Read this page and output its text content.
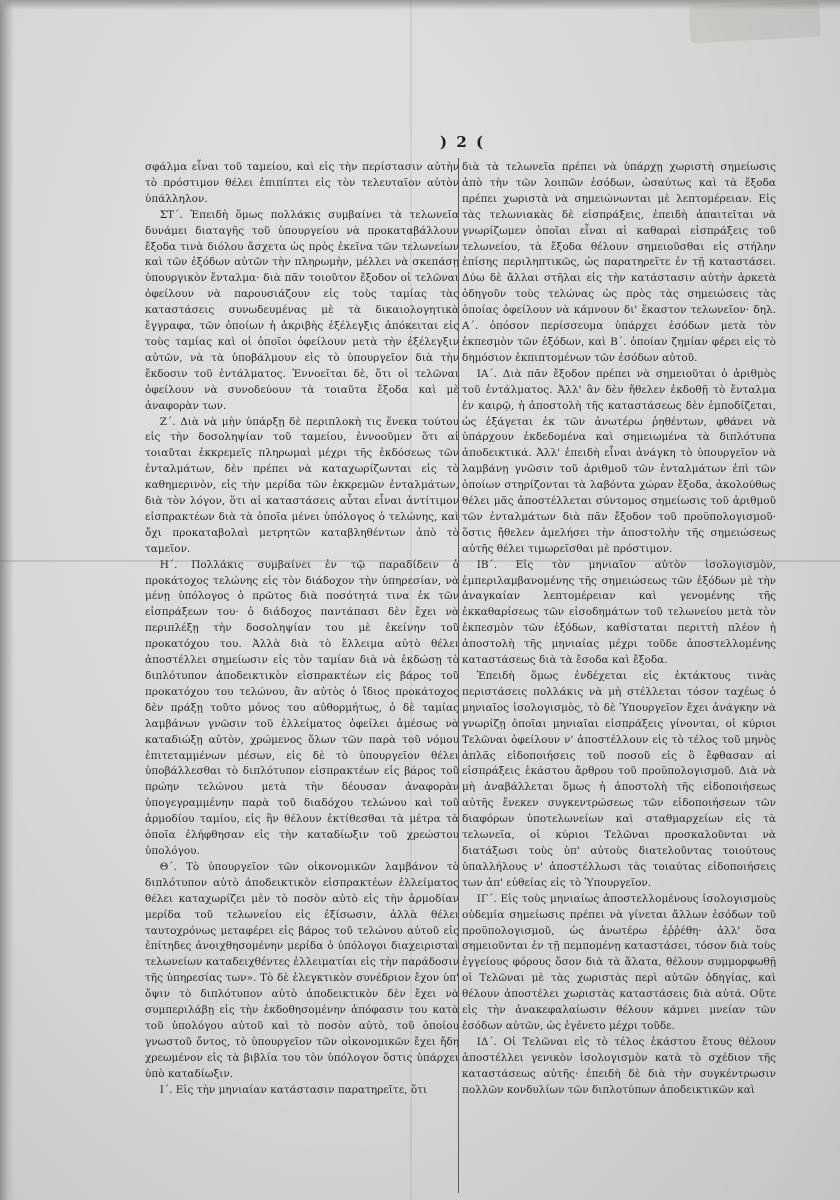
) 2 (

σφάλμα εἶναι τοῦ ταμείου, καὶ εἰς τὴν περίστασιν αὐτὴν τὸ πρόστιμον θέλει ἐπιπίπτει εἰς τὸν τελευταῖον αὐτὸν ὑπάλληλον.

ΣΤ΄. Ἐπειδὴ ὅμως πολλάκις συμβαίνει τὰ τελωνεῖα δυνάμει διαταγῆς τοῦ ὑπουργείου νὰ προκαταβάλλουν ἔξοδα τινὰ διόλου ἄσχετα ὡς πρὸς ἐκεῖνα τῶν τελωνείων καὶ τῶν ἐξόδων αὐτῶν τὴν πληρωμὴν, μέλλει νὰ σκεπάσῃ ὑπουργικὸν ἔνταλμα· διὰ πᾶν τοιοῦτον ἔξοδον οἱ τελῶναι ὀφείλουν νὰ παρουσιάζουν εἰς τοὺς ταμίας τὰς καταστάσεις συνωδευμένας μὲ τὰ δικαιολογητικὰ ἔγγραφα, τῶν ὁποίων ἡ ἀκριβὴς ἐξέλεγξις ἀπόκειται εἰς τοὺς ταμίας καὶ οἱ ὁποῖοι ὀφείλουν μετὰ τὴν ἐξέλεγξιν αὐτῶν, νὰ τὰ ὑποβάλμουν εἰς τὸ ὑπουργεῖον διὰ τὴν ἔκδοσιν τοῦ ἐντάλματος. Ἐννοεῖται δὲ, ὅτι οἱ τελῶναι ὀφείλουν νὰ συνοδεύουν τὰ τοιαῦτα ἔξοδα καὶ μὲ ἀναφορὰν των.

Ζ΄. Διὰ νὰ μὴν ὑπάρξῃ δὲ περιπλοκὴ τις ἕνεκα τούτου εἰς τὴν δοσοληψίαν τοῦ ταμείου, ἐννοοῦμεν ὅτι αἱ τοιαῦται ἐκκρεμεῖς πληρωμαὶ μέχρι τῆς ἐκδόσεως τῶν ἐνταλμάτων, δὲν πρέπει νὰ καταχωρίζωνται εἰς τὸ καθημερινὸν, εἰς τὴν μερίδα τῶν ἐκκρεμῶν ἐνταλμάτων, διὰ τὸν λόγον, ὅτι αἱ καταστάσεις αὗται εἶναι ἀντίτιμον εἰσπρακτέων διὰ τὰ ὁποῖα μένει ὑπόλογος ὁ τελώνης, καὶ ὄχι προκαταβολαὶ μετρητῶν καταβληθέντων ἀπὸ τὸ ταμεῖον.

Η΄. Πολλάκις συμβαίνει ἐν τῷ παραδίδειν ὁ προκάτοχος τελώνης εἰς τὸν διάδοχον τὴν ὑπηρεσίαν, νὰ μένῃ ὑπόλογος ὁ πρῶτος διὰ ποσότητά τινα ἐκ τῶν εἰσπράξεων του· ὁ διάδοχος παντάπασι δὲν ἔχει νὰ περιπλέξῃ τὴν δοσοληψίαν του μὲ ἐκείνην τοῦ προκατόχου του. Ἀλλὰ διὰ τὸ ἔλλειμα αὐτὸ θέλει ἀποστέλλει σημείωσιν εἰς τὸν ταμίαν διὰ νὰ ἐκδώσῃ τὸ διπλότυπον ἀποδεικτικὸν εἰσπρακτέων εἰς βάρος τοῦ προκατόχου του τελώνου, ἂν αὐτὸς ὁ ἴδιος προκάτοχος δὲν πράξῃ τοῦτο μόνος του αὐθορμήτως, ὁ δὲ ταμίας λαμβάνων γνῶσιν τοῦ ἐλλείματος ὀφείλει ἀμέσως νὰ καταδιώξῃ αὐτὸν, χρώμενος ὅλων τῶν παρὰ τοῦ νόμου ἐπιτεταμμένων μέσων, εἰς δὲ τὸ ὑπουργεῖον θέλει ὑποβάλλεσθαι τὸ διπλότυπον εἰσπρακτέων εἰς βάρος τοῦ πρώην τελώνου μετὰ τὴν δέουσαν ἀναφορὰν ὑπογεγραμμένην παρὰ τοῦ διαδόχου τελώνου καὶ τοῦ ἁρμοδίου ταμίου, εἰς ἣν θέλουν ἐκτίθεσθαι τὰ μέτρα τὰ ὁποῖα ἐλήφθησαν εἰς τὴν καταδίωξιν τοῦ χρεώστου ὑπολόγου.

Θ΄. Τὸ ὑπουργεῖον τῶν οἰκονομικῶν λαμβάνον τὸ διπλότυπον αὐτὸ ἀποδεικτικὸν εἰσπρακτέων ἐλλείματος θέλει καταχωρίζει μὲν τὸ ποσὸν αὐτὸ εἰς τὴν ἁρμοδίαν μερίδα τοῦ τελωνείου εἰς ἐξίσωσιν, ἀλλὰ θέλει ταυτοχρόνως μεταφέρει εἰς βάρος τοῦ τελώνου αὐτοῦ εἰς ἐπίτηδες ἀνοιχθησομένην μερίδα ὁ ὑπόλογοι διαχειρισταὶ τελωνείων καταδειχθέντες ἐλλειματίαι εἰς τὴν παράδοσιν τῆς ὑπηρεσίας των». Τὸ δὲ ἐλεγκτικὸν συνέδριον ἔχον ὑπ' ὄψιν τὸ διπλότυπον αὐτὸ ἀποδεικτικὸν δὲν ἔχει νὰ συμπεριλάβῃ εἰς τὴν ἐκδοθησομένην ἀπόφασιν του κατὰ τοῦ ὑπολόγου αὐτοῦ καὶ τὸ ποσὸν αὐτὸ, τοῦ ὁποίου γνωστοῦ ὄντος, τὸ ὑπουργεῖον τῶν οἰκονομικῶν ἔχει ἤδη χρεωμένον εἰς τὰ βιβλία του τὸν ὑπόλογον ὅστις ὑπάρχει ὑπὸ καταδίωξιν.

Ι΄. Εἰς τὴν μηνιαίαν κατάστασιν παρατηρεῖτε, ὅτι

διὰ τὰ τελωνεῖα πρέπει νὰ ὑπάρχῃ χωριστὴ σημείωσις ἀπὸ τὴν τῶν λοιπῶν ἐσόδων, ὡσαύτως καὶ τὰ ἔξοδα πρέπει χωριστὰ νὰ σημειώνωνται μὲ λεπτομέρειαν. Εἰς τὰς τελωνιακὰς δὲ εἰσπράξεις, ἐπειδὴ ἀπαιτεῖται νὰ γνωρίζωμεν ὁποῖαι εἶναι αἱ καθαραὶ εἰσπράξεις τοῦ τελωνείου, τὰ ἔξοδα θέλουν σημειοῦσθαι εἰς στήλην ἐπίσης περιληπτικῶς, ὡς παρατηρεῖτε ἐν τῇ καταστάσει. Δύω δὲ ἄλλαι στῆλαι εἰς τὴν κατάστασιν αὐτὴν ἀρκετὰ ὁδηγοῦν τοὺς τελώνας ὡς πρὸς τὰς σημειώσεις τὰς ὁποίας ὀφείλουν νὰ κάμνουν δι' ἕκαστον τελωνεῖον· δηλ. Α΄. ὁπόσον περίσσευμα ὑπάρχει ἐσόδων μετὰ τὸν ἐκπεσμὸν τῶν ἐξόδων, καὶ Β΄. ὁποίαν ζημίαν φέρει εἰς τὸ δημόσιον ἐκπιπτομένων τῶν ἐσόδων αὐτοῦ.

ΙΑ΄. Διὰ πᾶν ἔξοδον πρέπει νὰ σημειοῦται ὁ ἀριθμὸς τοῦ ἐντάλματος. Ἀλλ' ἂν δὲν ἤθελεν ἐκδοθῇ τὸ ἔνταλμα ἐν καιρῷ, ἡ ἀποστολὴ τῆς καταστάσεως δὲν ἐμποδίζεται, ὡς ἐξάγεται ἐκ τῶν ἀνωτέρω ῥηθέντων, φθάνει νὰ ὑπάρχουν ἐκδεδομένα καὶ σημειωμένα τὰ διπλότυπα ἀποδεικτικά. Ἀλλ' ἐπειδὴ εἶναι ἀνάγκη τὸ ὑπουργεῖον νὰ λαμβάνῃ γνῶσιν τοῦ ἀριθμοῦ τῶν ἐνταλμάτων ἐπὶ τῶν ὁποίων στηρίζονται τὰ λαβόντα χώραν ἔξοδα, ἀκολούθως θέλει μᾶς ἀποστέλλεται σύντομος σημείωσις τοῦ ἀριθμοῦ τῶν ἐνταλμάτων διὰ πᾶν ἔξοδον τοῦ προϋπολογισμοῦ· ὅστις ἤθελεν ἀμελήσει τὴν ἀποστολὴν τῆς σημειώσεως αὐτῆς θέλει τιμωρεῖσθαι μὲ πρόστιμον.

ΙΒ΄. Εἰς τὸν μηνιαῖον αὐτὸν ἰσολογισμὸν, ἐμπεριλαμβανομένης τῆς σημειώσεως τῶν ἐξόδων μὲ τὴν ἀναγκαίαν λεπτομέρειαν καὶ γενομένης τῆς ἐκκαθαρίσεως τῶν εἰσοδημάτων τοῦ τελωνείου μετὰ τὸν ἐκπεσμὸν τῶν ἐξόδων, καθίσταται περιττὴ πλέον ἡ ἀποστολὴ τῆς μηνιαίας μέχρι τοῦδε ἀποστελλομένης καταστάσεως διὰ τὰ ἔσοδα καὶ ἔξοδα.

Ἐπειδὴ ὅμως ἐνδέχεται εἰς ἐκτάκτους τινὰς περιστάσεις πολλάκις νὰ μὴ στέλλεται τόσον ταχέως ὁ μηνιαῖος ἰσολογισμὸς, τὸ δὲ Ὑπουργεῖον ἔχει ἀνάγκην νὰ γνωρίζῃ ὁποῖαι μηνιαῖαι εἰσπράξεις γίνονται, οἱ κύριοι Τελῶναι ὀφείλουν ν' ἀποστέλλουν εἰς τὸ τέλος τοῦ μηνὸς ἁπλᾶς εἰδοποιήσεις τοῦ ποσοῦ εἰς ὃ ἔφθασαν αἱ εἰσπράξεις ἑκάστου ἄρθρου τοῦ προϋπολογισμοῦ. Διὰ νὰ μὴ ἀναβάλλεται ὅμως ἡ ἀποστολὴ τῆς εἰδοποιήσεως αὐτῆς ἕνεκεν συγκεντρώσεως τῶν εἰδοποιήσεων τῶν διαφόρων ὑποτελωνείων καὶ σταθμαρχείων εἰς τὰ τελωνεῖα, οἱ κύριοι Τελῶναι προσκαλοῦνται νὰ διατάξωσι τοὺς ὑπ' αὐτοὺς διατελοῦντας τοιούτους ὑπαλλήλους ν' ἀποστέλλωσι τὰς τοιαύτας εἰδοποιήσεις των ἀπ' εὐθείας εἰς τὸ Ὑπουργεῖον.

ΙΓ΄. Εἰς τοὺς μηνιαίως ἀποστελλομένους ἰσολογισμοὺς οὐδεμία σημείωσις πρέπει νὰ γίνεται ἄλλων ἐσόδων τοῦ προϋπολογισμοῦ, ὡς ἀνωτέρω ἐῤῥέθη· ἀλλ' ὅσα σημειοῦνται ἐν τῇ πεμπομένῃ καταστάσει, τόσον διὰ τοὺς ἐγγείους φόρους ὅσον διὰ τὰ ἅλατα, θέλουν συμμορφωθῇ οἱ Τελῶναι μὲ τὰς χωριστὰς περὶ αὐτῶν ὁδηγίας, καὶ θέλουν ἀποστέλει χωριστὰς καταστάσεις διὰ αὐτά. Οὕτε εἰς τὴν ἀνακεφαλαίωσιν θέλουν κάμνει μνείαν τῶν ἐσόδων αὐτῶν, ὡς ἐγένετο μέχρι τοῦδε.

ΙΔ΄. Οἱ Τελῶναι εἰς τὸ τέλος ἑκάστου ἔτους θέλουν ἀποστέλλει γενικὸν ἰσολογισμὸν κατὰ τὸ σχέδιον τῆς καταστάσεως αὐτῆς· ἐπειδὴ δὲ διὰ τὴν συγκέντρωσιν πολλῶν κονδυλίων τῶν διπλοτύπων ἀποδεικτικῶν καὶ
